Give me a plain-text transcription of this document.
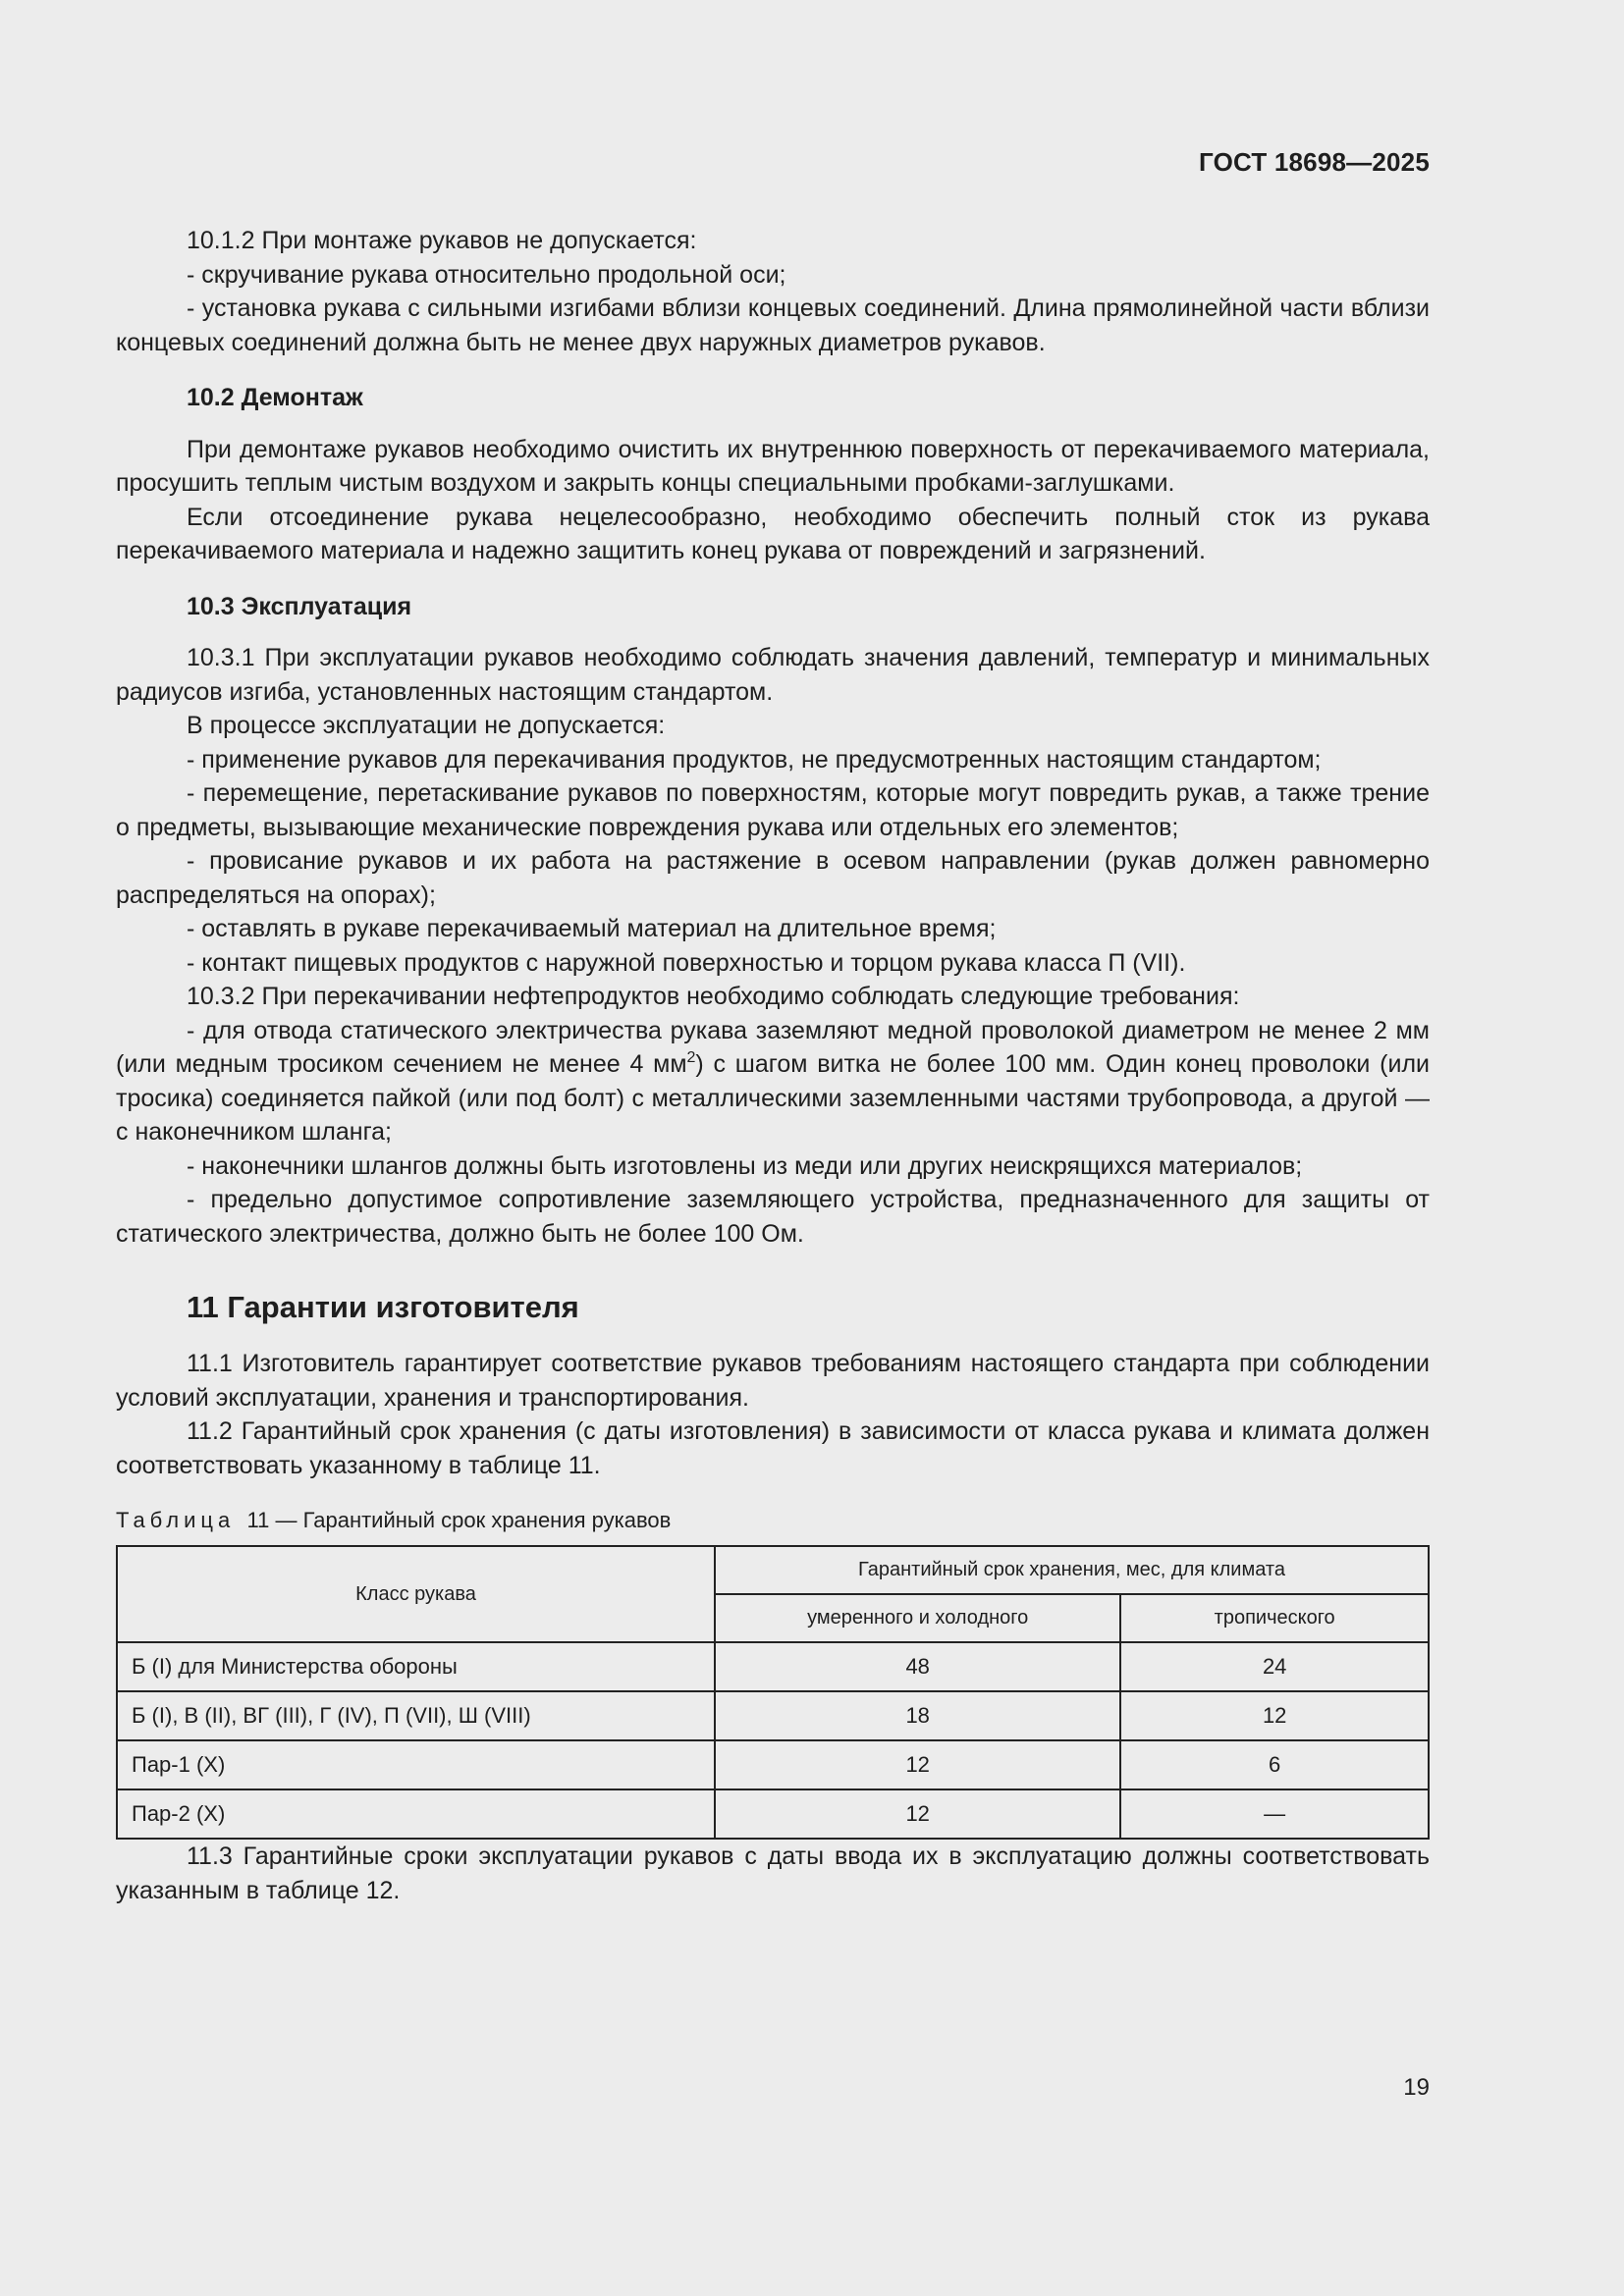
ГОСТ 18698—2025

10.1.2 При монтаже рукавов не допускается:

- скручивание рукава относительно продольной оси;

- установка рукава с сильными изгибами вблизи концевых соединений. Длина прямолинейной части вблизи концевых соединений должна быть не менее двух наружных диаметров рукавов.

10.2 Демонтаж

При демонтаже рукавов необходимо очистить их внутреннюю поверхность от перекачиваемого материала, просушить теплым чистым воздухом и закрыть концы специальными пробками-заглушками.

Если отсоединение рукава нецелесообразно, необходимо обеспечить полный сток из рукава перекачиваемого материала и надежно защитить конец рукава от повреждений и загрязнений.

10.3 Эксплуатация

10.3.1 При эксплуатации рукавов необходимо соблюдать значения давлений, температур и минимальных радиусов изгиба, установленных настоящим стандартом.

В процессе эксплуатации не допускается:

- применение рукавов для перекачивания продуктов, не предусмотренных настоящим стандартом;

- перемещение, перетаскивание рукавов по поверхностям, которые могут повредить рукав, а также трение о предметы, вызывающие механические повреждения рукава или отдельных его элементов;

- провисание рукавов и их работа на растяжение в осевом направлении (рукав должен равномерно распределяться на опорах);

- оставлять в рукаве перекачиваемый материал на длительное время;

- контакт пищевых продуктов с наружной поверхностью и торцом рукава класса П (VII).

10.3.2 При перекачивании нефтепродуктов необходимо соблюдать следующие требования:

- для отвода статического электричества рукава заземляют медной проволокой диаметром не менее 2 мм (или медным тросиком сечением не менее 4 $мм^2$) с шагом витка не более 100 мм. Один конец проволоки (или тросика) соединяется пайкой (или под болт) с металлическими заземленными частями трубопровода, а другой — с наконечником шланга;

- наконечники шлангов должны быть изготовлены из меди или других неискрящихся материалов;

- предельно допустимое сопротивление заземляющего устройства, предназначенного для защиты от статического электричества, должно быть не более 100 Ом.

11 Гарантии изготовителя

11.1 Изготовитель гарантирует соответствие рукавов требованиям настоящего стандарта при соблюдении условий эксплуатации, хранения и транспортирования.

11.2 Гарантийный срок хранения (с даты изготовления) в зависимости от класса рукава и климата должен соответствовать указанному в таблице 11.

Таблица 11 — Гарантийный срок хранения рукавов
Класс рукава	Гарантийный срок хранения, мес, для климата	
	умеренного и холодного	тропического
Б (I) для Министерства обороны	48	24
Б (I), В (II), ВГ (III), Г (IV), П (VII), Ш (VIII)	18	12
Пар-1 (X)	12	6
Пар-2 (X)	12	—

11.3 Гарантийные сроки эксплуатации рукавов с даты ввода их в эксплуатацию должны соответствовать указанным в таблице 12.

19
